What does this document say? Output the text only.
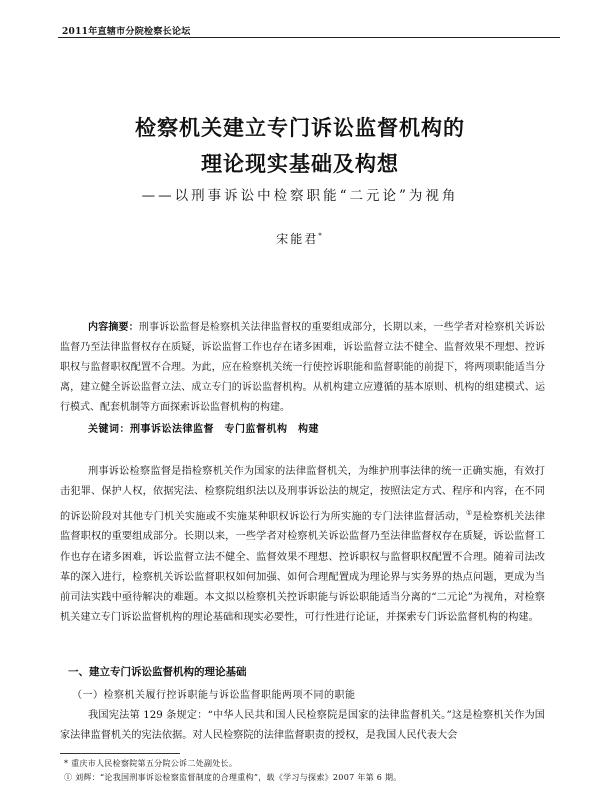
2011年直辖市分院检察长论坛
检察机关建立专门诉讼监督机构的
理论现实基础及构想
——以刑事诉讼中检察职能“二元论”为视角
宋能君*
内容摘要：刑事诉讼监督是检察机关法律监督权的重要组成部分，长期以来，一些学者对检察机关诉讼监督乃至法律监督权存在质疑，诉讼监督工作也存在诸多困难，诉讼监督立法不健全、监督效果不理想、控诉职权与监督职权配置不合理。为此，应在检察机关统一行使控诉职能和监督职能的前提下，将两项职能适当分离，建立健全诉讼监督立法、成立专门的诉讼监督机构。从机构建立应遵循的基本原则、机构的组建模式、运行模式、配套机制等方面探索诉讼监督机构的构建。
关键词：刑事诉讼法律监督　专门监督机构　构建
刑事诉讼检察监督是指检察机关作为国家的法律监督机关，为维护刑事法律的统一正确实施，有效打击犯罪、保护人权，依据宪法、检察院组织法以及刑事诉讼法的规定，按照法定方式、程序和内容，在不同的诉讼阶段对其他专门机关实施或不实施某种职权诉讼行为所实施的专门法律监督活动，①是检察机关法律监督职权的重要组成部分。长期以来，一些学者对检察机关诉讼监督乃至法律监督权存在质疑，诉讼监督工作也存在诸多困难，诉讼监督立法不健全、监督效果不理想、控诉职权与监督职权配置不合理。随着司法改革的深入进行，检察机关诉讼监督职权如何加强、如何合理配置成为理论界与实务界的热点问题，更成为当前司法实践中亟待解决的难题。本文拟以检察机关控诉职能与诉讼职能适当分离的“二元论”为视角，对检察机关建立专门诉讼监督机构的理论基础和现实必要性，可行性进行论证，并探索专门诉讼监督机构的构建。
一、建立专门诉讼监督机构的理论基础
（一）检察机关履行控诉职能与诉讼监督职能两项不同的职能
我国宪法第 129 条规定：“中华人民共和国人民检察院是国家的法律监督机关。”这是检察机关作为国家法律监督机关的宪法依据。对人民检察院的法律监督职责的授权，是我国人民代表大会
* 重庆市人民检察院第五分院公诉二处副处长。
① 刘辉：“论我国刑事诉讼检察监督制度的合理重构”，载《学习与探索》2007 年第 6 期。
